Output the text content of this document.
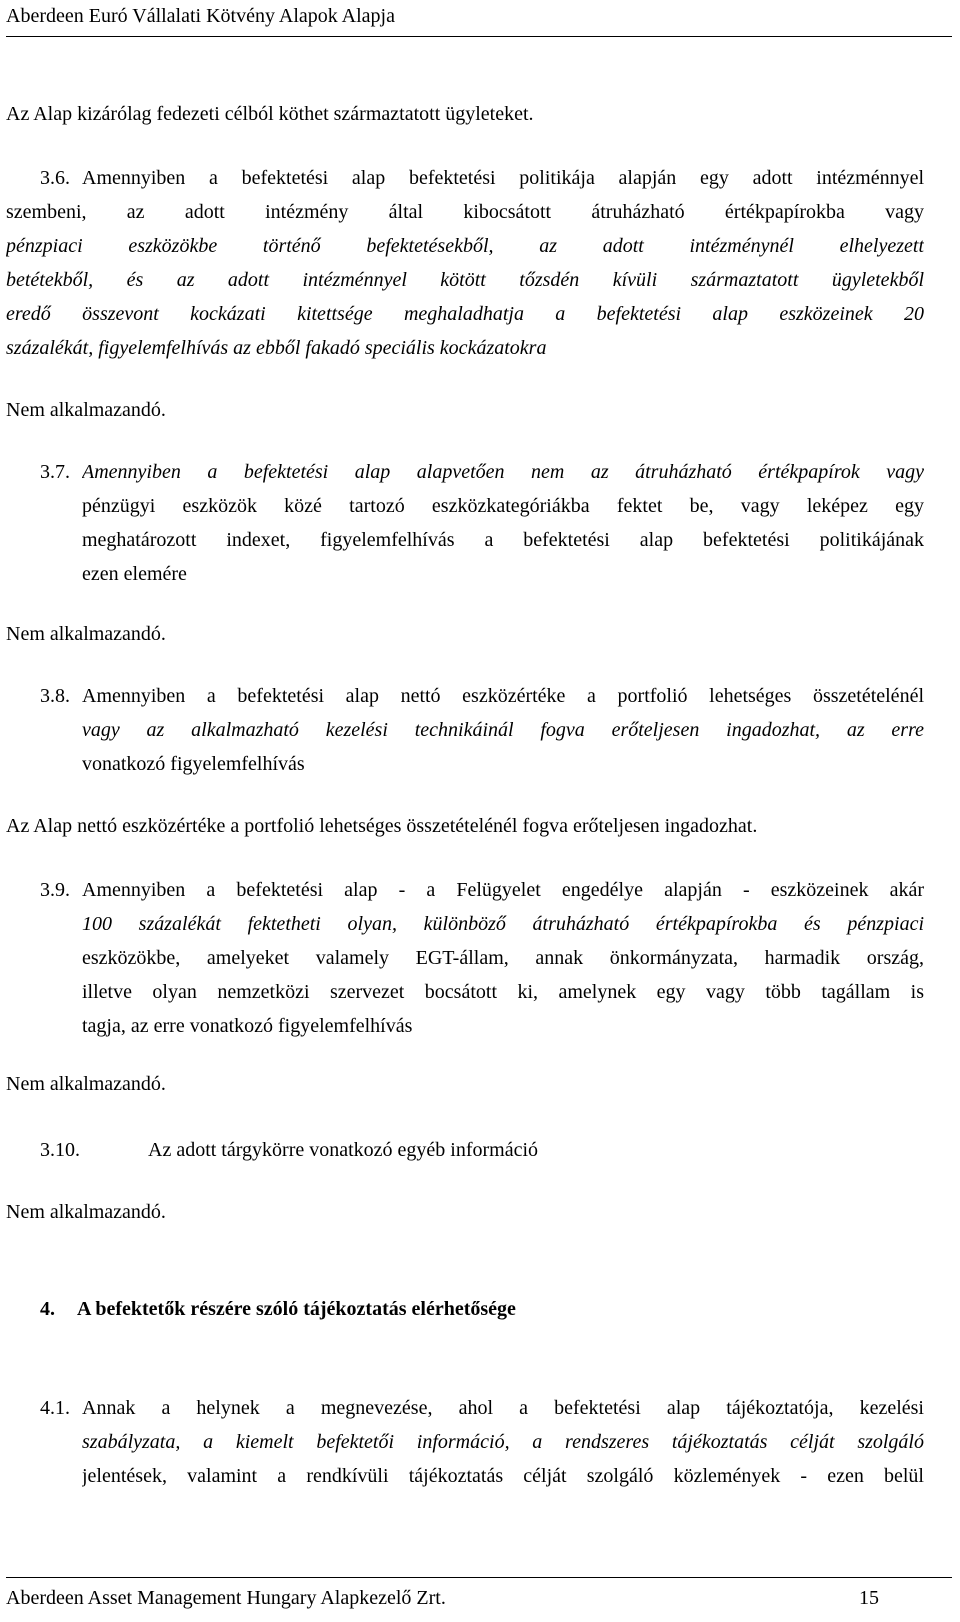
Aberdeen Euró Vállalati Kötvény Alapok Alapja
Az Alap kizárólag fedezeti célból köthet származtatott ügyleteket.
3.6. Amennyiben a befektetési alap befektetési politikája alapján egy adott intézménnyel
szembeni, az adott intézmény által kibocsátott átruházható értékpapírokba vagy
pénzpiaci eszközökbe történő befektetésekből, az adott intézménynél elhelyezett
betétekből, és az adott intézménnyel kötött tőzsdén kívüli származtatott ügyletekből
eredő összevont kockázati kitettsége meghaladhatja a befektetési alap eszközeinek 20
százalékát, figyelemfelhívás az ebből fakadó speciális kockázatokra
Nem alkalmazandó.
3.7. Amennyiben a befektetési alap alapvetően nem az átruházható értékpapírok vagy
pénzügyi eszközök közé tartozó eszközkategóriákba fektet be, vagy leképez egy
meghatározott indexet, figyelemfelhívás a befektetési alap befektetési politikájának
ezen elemére
Nem alkalmazandó.
3.8. Amennyiben a befektetési alap nettó eszközértéke a portfolió lehetséges összetételénél
vagy az alkalmazható kezelési technikáinál fogva erőteljesen ingadozhat, az erre
vonatkozó figyelemfelhívás
Az Alap nettó eszközértéke a portfolió lehetséges összetételénél fogva erőteljesen ingadozhat.
3.9. Amennyiben a befektetési alap - a Felügyelet engedélye alapján - eszközeinek akár
100 százalékát fektetheti olyan, különböző átruházható értékpapírokba és pénzpiaci
eszközökbe, amelyeket valamely EGT-állam, annak önkormányzata, harmadik ország,
illetve olyan nemzetközi szervezet bocsátott ki, amelynek egy vagy több tagállam is
tagja, az erre vonatkozó figyelemfelhívás
Nem alkalmazandó.
3.10.	Az adott tárgykörre vonatkozó egyéb információ
Nem alkalmazandó.
4. A befektetők részére szóló tájékoztatás elérhetősége
4.1. Annak a helynek a megnevezése, ahol a befektetési alap tájékoztatója, kezelési
szabályzata, a kiemelt befektetői információ, a rendszeres tájékoztatás célját szolgáló
jelentések, valamint a rendkívüli tájékoztatás célját szolgáló közlemények - ezen belül
Aberdeen Asset Management Hungary Alapkezelő Zrt.	15
